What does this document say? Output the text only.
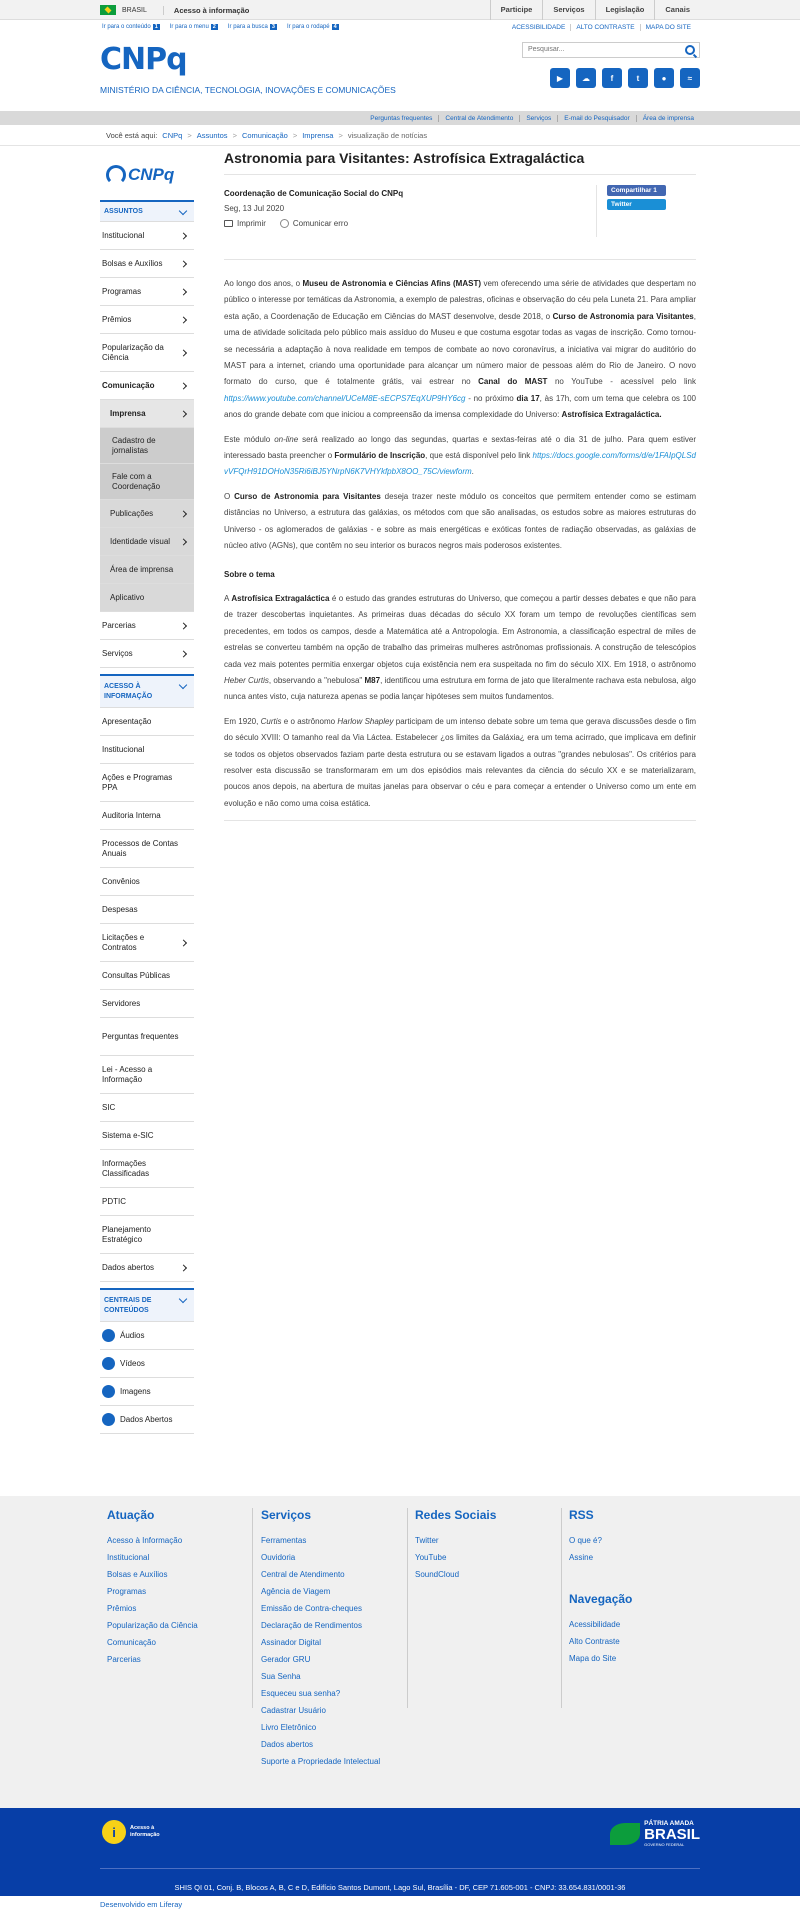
BRASIL	Acesso à informação	Participe	Serviços	Legislação	Canais
Ir para o conteúdo 1	Ir para o menu 2	Ir para a busca 3	Ir para o rodapé 4	ACESSIBILIDADE	ALTO CONTRASTE	MAPA DO SITE
CNPq
MINISTÉRIO DA CIÊNCIA, TECNOLOGIA, INOVAÇÕES E COMUNICAÇÕES
Pesquisar...
▶	☁	f	t	●	≈
Perguntas frequentes	Central de Atendimento	Serviços	E-mail do Pesquisador	Área de imprensa
Você está aqui: CNPq > Assuntos > Comunicação > Imprensa > visualização de notícias
CNPq
ASSUNTOS
Institucional
Bolsas e Auxílios
Programas
Prêmios
Popularização da Ciência
Comunicação
Imprensa
Cadastro de jornalistas
Fale com a Coordenação
Publicações
Identidade visual
Área de imprensa
Aplicativo
Parcerias
Serviços
ACESSO À INFORMAÇÃO
Apresentação
Institucional
Ações e Programas PPA
Auditoria Interna
Processos de Contas Anuais
Convênios
Despesas
Licitações e Contratos
Consultas Públicas
Servidores
Perguntas frequentes
Lei - Acesso a Informação
SIC
Sistema e-SIC
Informações Classificadas
PDTIC
Planejamento Estratégico
Dados abertos
CENTRAIS DE CONTEÚDOS
Áudios
Vídeos
Imagens
Dados Abertos
Astronomia para Visitantes: Astrofísica Extragaláctica
Coordenação de Comunicação Social do CNPq
Seg, 13 Jul 2020
Imprimir	Comunicar erro
Compartilhar 1
Twitter

Ao longo dos anos, o Museu de Astronomia e Ciências Afins (MAST) vem oferecendo uma série de atividades que despertam no público o interesse por temáticas da Astronomia, a exemplo de palestras, oficinas e observação do céu pela Luneta 21. Para ampliar esta ação, a Coordenação de Educação em Ciências do MAST desenvolve, desde 2018, o Curso de Astronomia para Visitantes, uma de atividade solicitada pelo público mais assíduo do Museu e que costuma esgotar todas as vagas de inscrição. Como tornou-se necessária a adaptação à nova realidade em tempos de combate ao novo coronavírus, a iniciativa vai migrar do auditório do MAST para a internet, criando uma oportunidade para alcançar um número maior de pessoas além do Rio de Janeiro. O novo formato do curso, que é totalmente grátis, vai estrear no Canal do MAST no YouTube - acessível pelo link https://www.youtube.com/channel/UCeM8E-sECPS7EqXUP9HY6cg - no próximo dia 17, às 17h, com um tema que celebra os 100 anos do grande debate com que iniciou a compreensão da imensa complexidade do Universo: Astrofísica Extragaláctica.

Este módulo on-line será realizado ao longo das segundas, quartas e sextas-feiras até o dia 31 de julho. Para quem estiver interessado basta preencher o Formulário de Inscrição, que está disponível pelo link https://docs.google.com/forms/d/e/1FAIpQLSdvVFQrH91DOHoN35Ri6iBJ5YNrpN6K7VHYkfpbX8OO_75C/viewform.

O Curso de Astronomia para Visitantes deseja trazer neste módulo os conceitos que permitem entender como se estimam distâncias no Universo, a estrutura das galáxias, os métodos com que são analisadas, os estudos sobre as maiores estruturas do Universo - os aglomerados de galáxias - e sobre as mais energéticas e exóticas fontes de radiação observadas, as galáxias de núcleo ativo (AGNs), que contêm no seu interior os buracos negros mais poderosos existentes.

Sobre o tema

A Astrofísica Extragaláctica é o estudo das grandes estruturas do Universo, que começou a partir desses debates e que não para de trazer descobertas inquietantes. As primeiras duas décadas do século XX foram um tempo de revoluções científicas sem precedentes, em todos os campos, desde a Matemática até a Antropologia. Em Astronomia, a classificação espectral de miles de estrelas se converteu também na opção de trabalho das primeiras mulheres astrônomas profissionais. A construção de telescópios cada vez mais potentes permitia enxergar objetos cuja existência nem era suspeitada no fim do século XIX. Em 1918, o astrônomo Heber Curtis, observando a "nebulosa" M87, identificou uma estrutura em forma de jato que literalmente rachava esta nebulosa, algo nunca antes visto, cuja natureza apenas se podia lançar hipóteses sem muitos fundamentos.

Em 1920, Curtis e o astrônomo Harlow Shapley participam de um intenso debate sobre um tema que gerava discussões desde o fim do século XVIII: O tamanho real da Via Láctea. Estabelecer ¿os limites da Galáxia¿ era um tema acirrado, que implicava em definir se todos os objetos observados faziam parte desta estrutura ou se estavam ligados a outras "grandes nebulosas". Os critérios para resolver esta discussão se transformaram em um dos episódios mais relevantes da ciência do século XX e se materializaram, poucos anos depois, na abertura de muitas janelas para observar o céu e para começar a entender o Universo como um ente em evolução e não como uma coisa estática.

Atuação
Acesso à Informação
Institucional
Bolsas e Auxílios
Programas
Prêmios
Popularização da Ciência
Comunicação
Parcerias
Serviços
Ferramentas
Ouvidoria
Central de Atendimento
Agência de Viagem
Emissão de Contra-cheques
Declaração de Rendimentos
Assinador Digital
Gerador GRU
Sua Senha
Esqueceu sua senha?
Cadastrar Usuário
Livro Eletrônico
Dados abertos
Suporte a Propriedade Intelectual
Redes Sociais
Twitter
YouTube
SoundCloud
RSS
O que é?
Assine
Navegação
Acessibilidade
Alto Contraste
Mapa do Site
i	Acesso à informação
PÁTRIA AMADA
BRASIL
GOVERNO FEDERAL
SHIS QI 01, Conj. B, Blocos A, B, C e D, Edifício Santos Dumont, Lago Sul, Brasília - DF, CEP 71.605-001 - CNPJ: 33.654.831/0001-36
Desenvolvido em Liferay
